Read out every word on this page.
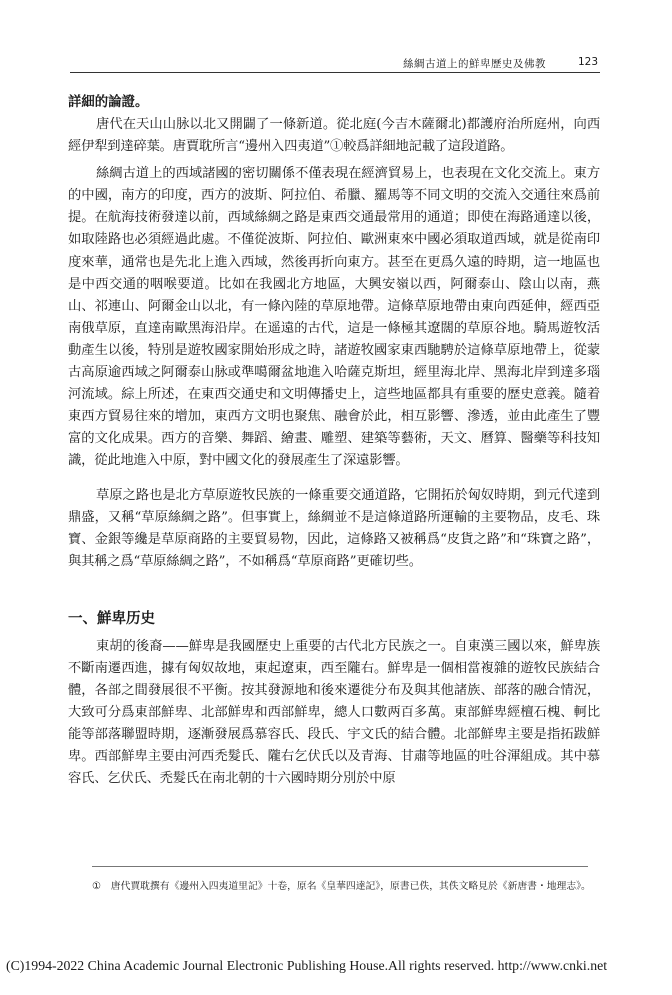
絲綢古道上的鮮卑歷史及佛教	123

詳細的論證。

唐代在天山山脉以北又開闢了一條新道。從北庭(今吉木薩爾北)都護府治所庭州，向西經伊犁到達碎葉。唐賈耽所言“邊州入四夷道”①較爲詳細地記載了這段道路。

絲綢古道上的西域諸國的密切關係不僅表現在經濟貿易上，也表現在文化交流上。東方的中國，南方的印度，西方的波斯、阿拉伯、希臘、羅馬等不同文明的交流入交通往來爲前提。在航海技術發達以前，西域絲綢之路是東西交通最常用的通道；即使在海路通達以後，如取陸路也必須經過此處。不僅從波斯、阿拉伯、歐洲東來中國必須取道西域，就是從南印度來華，通常也是先北上進入西域，然後再折向東方。甚至在更爲久遠的時期，這一地區也是中西交通的咽喉要道。比如在我國北方地區，大興安嶺以西，阿爾泰山、陰山以南，燕山、祁連山、阿爾金山以北，有一條內陸的草原地帶。這條草原地帶由東向西延伸，經西亞南俄草原，直達南歐黑海沿岸。在遥遠的古代，這是一條極其遼闊的草原谷地。騎馬遊牧活動產生以後，特別是遊牧國家開始形成之時，諸遊牧國家東西馳騁於這條草原地帶上，從蒙古高原逾西域之阿爾泰山脉或準噶爾盆地進入哈薩克斯坦，經里海北岸、黑海北岸到達多瑙河流域。綜上所述，在東西交通史和文明傳播史上，這些地區都具有重要的歷史意義。隨着東西方貿易往來的增加，東西方文明也聚焦、融會於此，相互影響、滲透，並由此產生了豐富的文化成果。西方的音樂、舞蹈、繪畫、雕塑、建築等藝術，天文、曆算、醫藥等科技知識，從此地進入中原，對中國文化的發展產生了深遠影響。

草原之路也是北方草原遊牧民族的一條重要交通道路，它開拓於匈奴時期，到元代達到鼎盛，又稱“草原絲綢之路”。但事實上，絲綢並不是這條道路所運輸的主要物品，皮毛、珠寶、金銀等纔是草原商路的主要貿易物，因此，這條路又被稱爲“皮貨之路”和“珠寶之路”，與其稱之爲“草原絲綢之路”，不如稱爲“草原商路”更確切些。

一、鮮卑历史

東胡的後裔——鮮卑是我國歷史上重要的古代北方民族之一。自東漢三國以來，鮮卑族不斷南遷西進，據有匈奴故地，東起遼東，西至隴右。鮮卑是一個相當複雜的遊牧民族結合體，各部之間發展很不平衡。按其發源地和後來遷徙分布及與其他諸族、部落的融合情況，大致可分爲東部鮮卑、北部鮮卑和西部鮮卑，總人口數两百多萬。東部鮮卑經檀石槐、軻比能等部落聯盟時期，逐漸發展爲慕容氏、段氏、宇文氏的結合體。北部鮮卑主要是指拓跋鮮卑。西部鮮卑主要由河西禿髮氏、隴右乞伏氏以及青海、甘肅等地區的吐谷渾組成。其中慕容氏、乞伏氏、禿髮氏在南北朝的十六國時期分別於中原

① 唐代賈耽撰有《邊州入四夷道里記》十卷，原名《皇華四達記》，原書已佚，其佚文略見於《新唐書・地理志》。
(C)1994-2022 China Academic Journal Electronic Publishing House.All rights reserved. http://www.cnki.net
